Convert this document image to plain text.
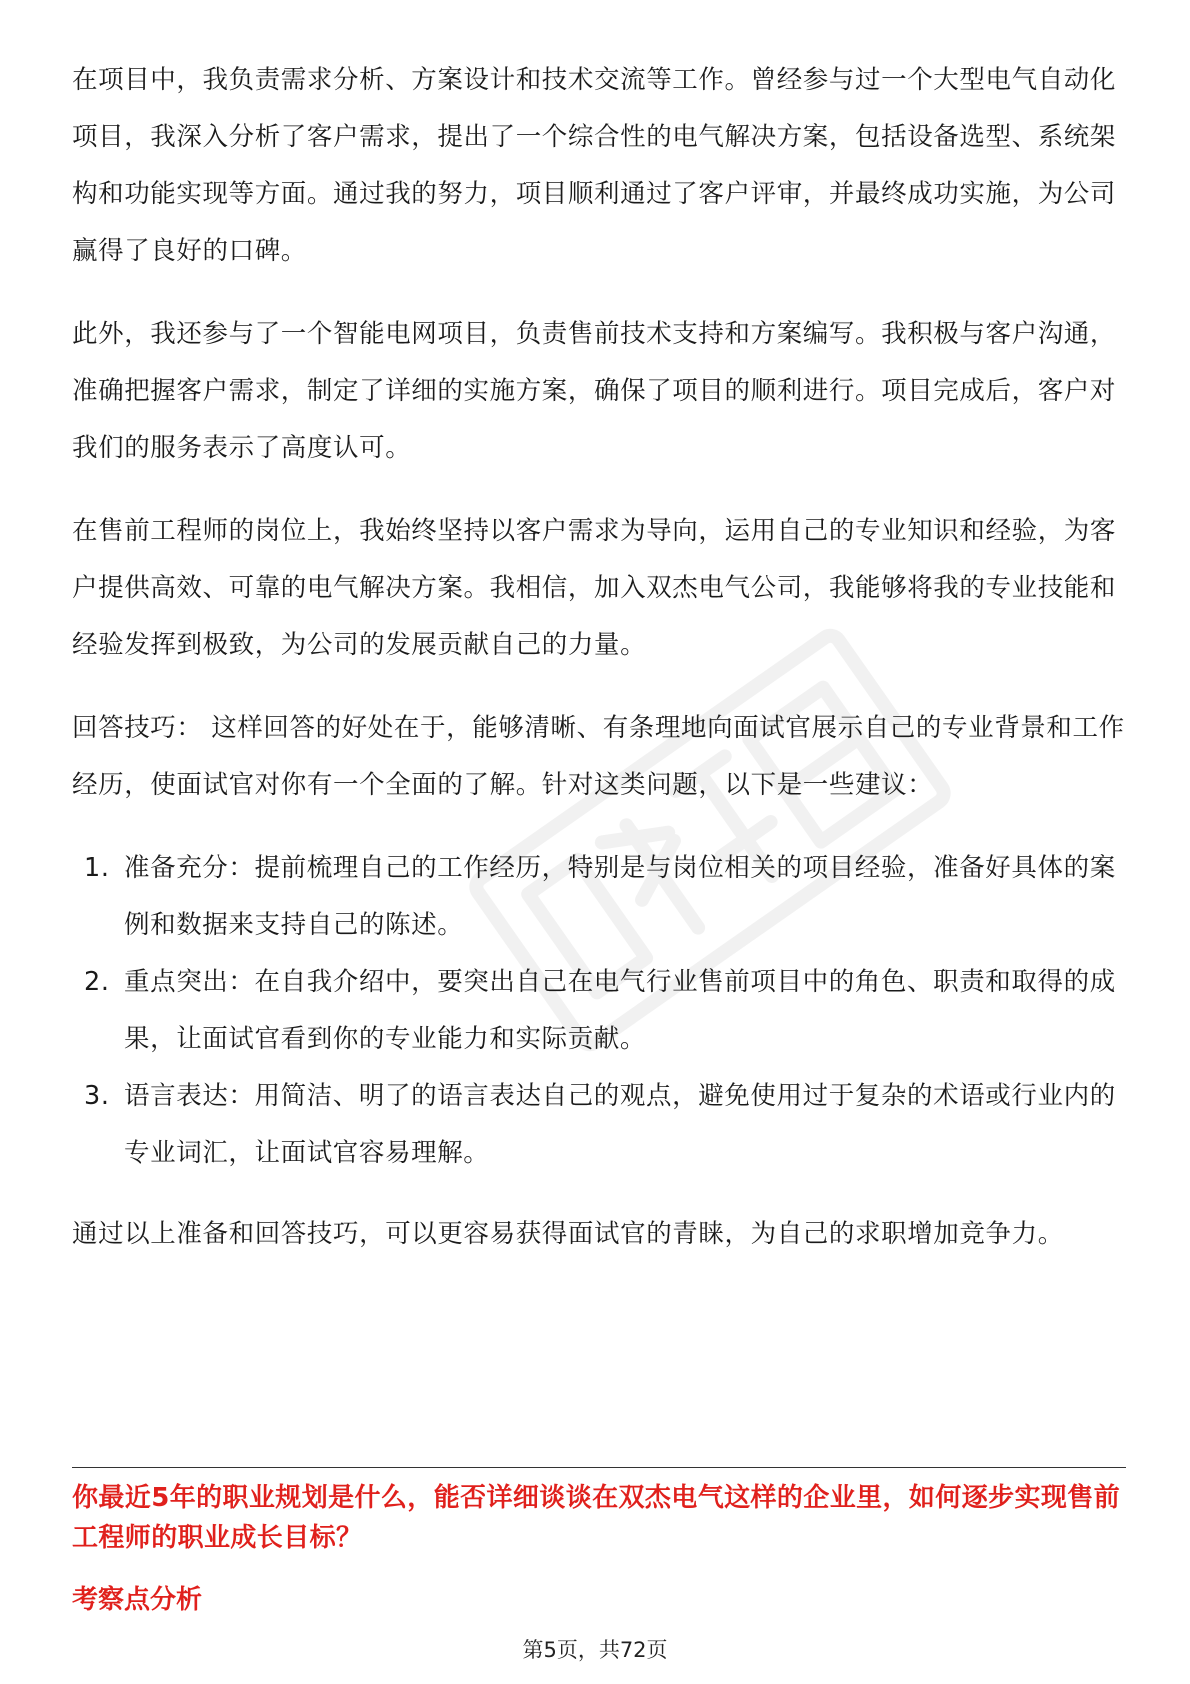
在项目中，我负责需求分析、方案设计和技术交流等工作。曾经参与过一个大型电气自动化项目，我深入分析了客户需求，提出了一个综合性的电气解决方案，包括设备选型、系统架构和功能实现等方面。通过我的努力，项目顺利通过了客户评审，并最终成功实施，为公司赢得了良好的口碑。

此外，我还参与了一个智能电网项目，负责售前技术支持和方案编写。我积极与客户沟通，准确把握客户需求，制定了详细的实施方案，确保了项目的顺利进行。项目完成后，客户对我们的服务表示了高度认可。

在售前工程师的岗位上，我始终坚持以客户需求为导向，运用自己的专业知识和经验，为客户提供高效、可靠的电气解决方案。我相信，加入双杰电气公司，我能够将我的专业技能和经验发挥到极致，为公司的发展贡献自己的力量。

回答技巧： 这样回答的好处在于，能够清晰、有条理地向面试官展示自己的专业背景和工作经历，使面试官对你有一个全面的了解。针对这类问题，以下是一些建议：

1. 准备充分：提前梳理自己的工作经历，特别是与岗位相关的项目经验，准备好具体的案例和数据来支持自己的陈述。
2. 重点突出：在自我介绍中，要突出自己在电气行业售前项目中的角色、职责和取得的成果，让面试官看到你的专业能力和实际贡献。
3. 语言表达：用简洁、明了的语言表达自己的观点，避免使用过于复杂的术语或行业内的专业词汇，让面试官容易理解。

通过以上准备和回答技巧，可以更容易获得面试官的青睐，为自己的求职增加竞争力。

你最近5年的职业规划是什么，能否详细谈谈在双杰电气这样的企业里，如何逐步实现售前工程师的职业成长目标？
考察点分析
第5页，共72页
